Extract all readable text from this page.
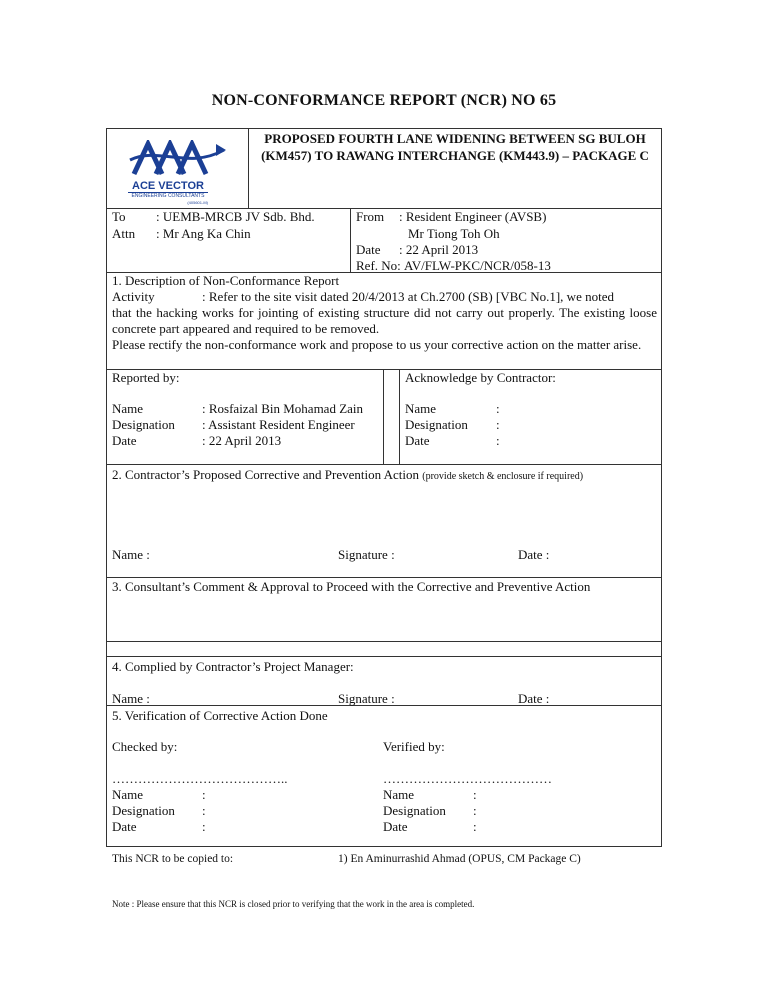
NON-CONFORMANCE REPORT (NCR) NO 65
ACE VECTOR
ENGINEERING CONSULTANTS
(405601-M)
PROPOSED FOURTH LANE WIDENING BETWEEN SG BULOH (KM457) TO RAWANG INTERCHANGE (KM443.9) – PACKAGE C
To : UEMB-MRCB JV Sdb. Bhd.
Attn : Mr Ang Ka Chin
From : Resident Engineer (AVSB)
Mr Tiong Toh Oh
Date : 22 April 2013
Ref. No: AV/FLW-PKC/NCR/058-13
1. Description of Non-Conformance Report
Activity	: Refer to the site visit dated 20/4/2013 at Ch.2700 (SB) [VBC No.1], we noted
that the hacking works for jointing of existing structure did not carry out properly. The existing loose concrete part appeared and required to be removed.
Please rectify the non-conformance work and propose to us your corrective action on the matter arise.
Reported by:
Name	: Rosfaizal Bin Mohamad Zain
Designation : Assistant Resident Engineer
Date	: 22 April 2013
Acknowledge by Contractor:
Name	:
Designation :
Date	:
2. Contractor’s Proposed Corrective and Prevention Action (provide sketch & enclosure if required)
Name :	Signature :	Date :
3. Consultant’s Comment & Approval to Proceed with the Corrective and Preventive Action
4. Complied by Contractor’s Project Manager:
Name :	Signature :	Date :
5. Verification of Corrective Action Done
Checked by:	Verified by:
…………………………………..	…………………………………
Name	:
Designation :
Date	:
Name	:
Designation :
Date	:
This NCR to be copied to:	1) En Aminurrashid Ahmad (OPUS, CM Package C)
Note : Please ensure that this NCR is closed prior to verifying that the work in the area is completed.
